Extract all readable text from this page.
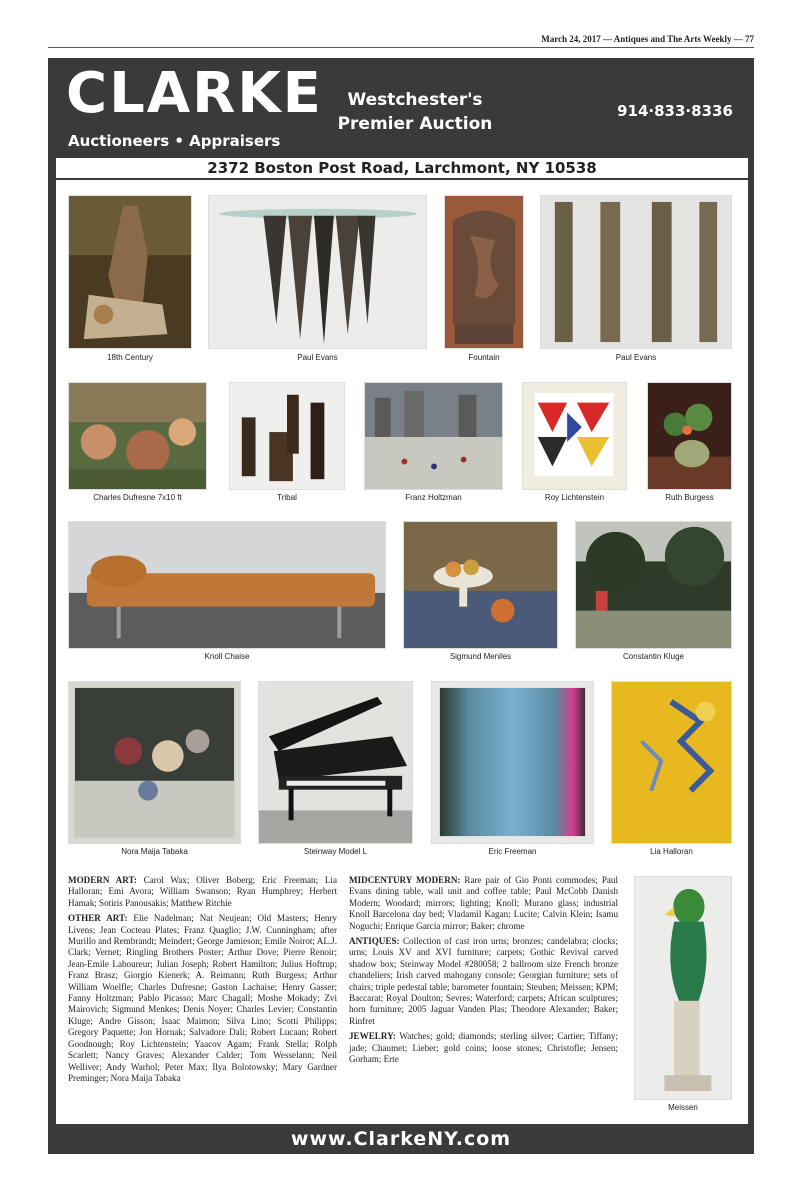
March 24, 2017 — Antiques and The Arts Weekly — 77
CLARKE
Auctioneers • Appraisers
Westchester's
Premier Auction
914·833·8336
2372 Boston Post Road, Larchmont, NY 10538
18th Century	Paul Evans	Fountain	Paul Evans
Charles Dufresne 7x10 ft	Tribal	Franz Holtzman	Roy Lichtenstein	Ruth Burgess
Knoll Chaise	Sigmund Meniles	Constantin Kluge
Nora Maija Tabaka	Steinway Model L	Eric Freeman	Lia Halloran

MODERN ART: Carol Wax; Oliver Boberg; Eric Freeman; Lia Halloran; Emi Avora; William Swanson; Ryan Humphrey; Herbert Hamak; Sotiris Panousakis; Matthew Ritchie

OTHER ART: Elie Nadelman; Nat Neujean; Old Masters; Henry Livens; Jean Cocteau Plates; Franz Quaglio; J.W. Cunningham; after Murillo and Rembrandt; Meindert; George Jamieson; Emile Noirot; AL.J. Clark; Vernet; Ringling Brothers Poster; Arthur Dove; Pierre Renoir; Jean-Emile Laboureur; Julian Joseph; Robert Hamilton; Julius Hoftrup; Franz Brasz; Giorgio Kienerk; A. Reimann; Ruth Burgess; Arthur William Woelfle; Charles Dufresne; Gaston Lachaise; Henry Gasser; Fanny Holtzman; Pablo Picasso; Marc Chagall; Moshe Mokady; Zvi Mairovich; Sigmund Menkes; Denis Noyer; Charles Levier; Constantin Kluge; Andre Gisson; Isaac Maimon; Silva Lino; Scotti Philipps; Gregory Paquette; Jon Hornak; Salvadore Dali; Robert Lucaan; Robert Goodnough; Roy Lichtenstein; Yaacov Agam; Frank Stella; Rolph Scarlett; Nancy Graves; Alexander Calder; Tom Wesselann; Neil Welliver; Andy Warhol; Peter Max; Ilya Bolotowsky; Mary Gardner Preminger; Nora Maija Tabaka

MIDCENTURY MODERN: Rare pair of Gio Ponti commodes; Paul Evans dining table, wall unit and coffee table; Paul McCobb Danish Modern; Woodard; mirrors; lighting; Knoll; Murano glass; industrial Knoll Barcelona day bed; Vladamil Kagan; Lucite; Calvin Klein; Isamu Noguchi; Enrique Garcia mirror; Baker; chrome

ANTIQUES: Collection of cast iron urns; bronzes; candelabra; clocks; urns; Louis XV and XVI furniture; carpets; Gothic Revival carved shadow box; Steinway Model #280058; 2 ballroom size French bronze chandeliers; Irish carved mahogany console; Georgian furniture; sets of chairs; triple pedestal table; barometer fountain; Steuben; Meissen; KPM; Baccarat; Royal Doulton; Sevres; Waterford; carpets; African sculptures; horn furniture; 2005 Jaguar Vanden Plas; Theodore Alexander; Baker; Rinfret

JEWELRY: Watches; gold; diamonds; sterling silver; Cartier; Tiffany; jade; Chaumet; Lieber; gold coins; loose stones; Christofle; Jensen; Gorham; Erte

Meissen
www.ClarkeNY.com
